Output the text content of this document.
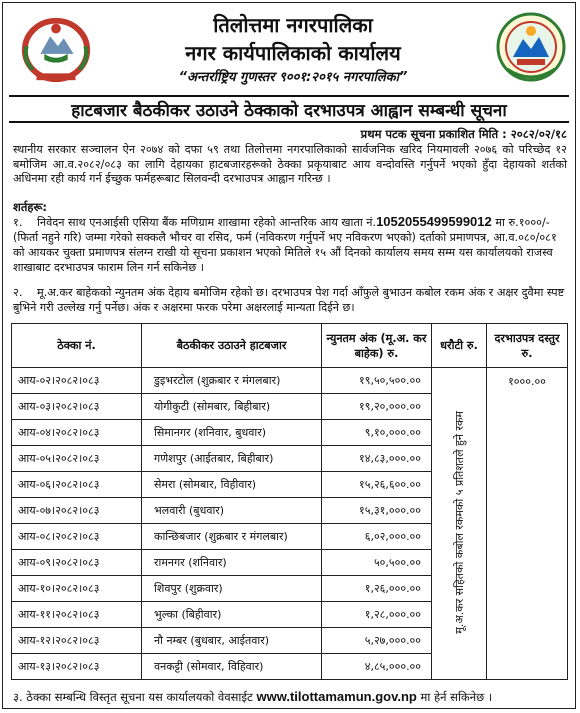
तिलोत्तमा नगरपालिका
नगर कार्यपालिकाको कार्यालय
“अन्तर्राष्ट्रिय गुणस्तर ९००१:२०१५ नगरपालिका”
हाटबजार बैठकीकर उठाउने ठेक्काको दरभाउपत्र आह्वान सम्बन्धी सूचना
प्रथम पटक सूचना प्रकाशित मिति : २०८२/०२/१८
स्थानीय सरकार सञ्चालन ऐन २०७४ को दफा ५९ तथा तिलोत्तमा नगरपालिकाको सार्वजनिक खरिद नियमावली २०७६ को परिच्छेद १२ बमोजिम आ.व.२०८२/०८३ का लागि देहायका हाटबजारहरूको ठेक्का प्रकृयाबाट आय वन्दोवस्ति गर्नुपर्ने भएको हुँदा देहायको शर्तको अधिनमा रही कार्य गर्न ईच्छुक फर्महरूबाट सिलवन्दी दरभाउपत्र आह्वान गरिन्छ ।
शर्तहरू:
१. निवेदन साथ एनआईसी एसिया बैंक मणिग्राम शाखामा रहेको आन्तरिक आय खाता नं.1052055499599012 मा रु.१०००/- (फिर्ता नहुने गरि) जम्मा गरेको सक्कलै भौचर वा रसिद, फर्म (नविकरण गर्नुपर्ने भए नविकरण भएको) दर्ताको प्रमाणपत्र, आ.व.०८०/०८१ को आयकर चुक्ता प्रमाणपत्र संलग्न राखी यो सूचना प्रकाशन भएको मितिले १५ औं दिनको कार्यालय समय सम्म यस कार्यालयको राजस्व शाखाबाट दरभाउपत्र फाराम लिन गर्न सकिनेछ ।
२. मू.अ.कर बाहेकको न्युनतम अंक देहाय बमोजिम रहेको छ। दरभाउपत्र पेश गर्दा आँफुले बुभाउन कबोल रकम अंक र अक्षर दुवैमा स्पष्ट बुभिने गरी उल्लेख गर्नु पर्नेछ। अंक र अक्षरमा फरक परेमा अक्षरलाई मान्यता दिईने छ।
ठेक्का नं.	बैठकीकर उठाउने हाटबजार	न्युनतम अंक (मू.अ. कर बाहेक) रु.	धरौटी रु.	दरभाउपत्र दस्तुर रु.
आय-०२।२०८२।०८३	डुइभरटोल (शुक्रबार र मंगलबार)	१९,५०,५००.००	मू.अ.कर सहितको कबोल रकमको ५ प्रतिशतले हुने रकम	१०००.००
आय-०३।२०८२।०८३	योगीकुटी (सोमबार, बिहीबार)	१९,२०,०००.००		
आय-०४।२०८२।०८३	सिमानगर (शनिवार, बुधवार)	९,१०,०००.००		
आय-०५।२०८२।०८३	गणेशपुर (आईतबार, बिहीबार)	१४,८३,०००.००		
आय-०६।२०८२।०८३	सेमरा (सोमबार, विहीवार)	१५,२६,६००.००		
आय-०७।२०८२।०८३	भलवारी (बुधवार)	१५,३१,०००.००		
आय-०८।२०८२।०८३	कान्छिबजार (शुक्रबार र मंगलबार)	६,०२,०००.००		
आय-०९।२०८२।०८३	रामनगर (शनिवार)	५०,५००.००		
आय-१०।२०८२।०८३	शिवपुर (शुक्रवार)	१,२६,०००.००		
आय-११।२०८२।०८३	भुल्का (बिहीवार)	१,२८,०००.००		
आय-१२।२०८२।०८३	नौ नम्बर (बुधबार, आईतवार)	५,२७,०००.००		
आय-१३।२०८२।०८३	वनकट्टी (सोमवार, विहिवार)	४,८५,०००.००		
३. ठेक्का सम्बन्धि विस्तृत सूचना यस कार्यालयको वेवसाईट www.tilottamamun.gov.np मा हेर्न सकिनेछ ।
